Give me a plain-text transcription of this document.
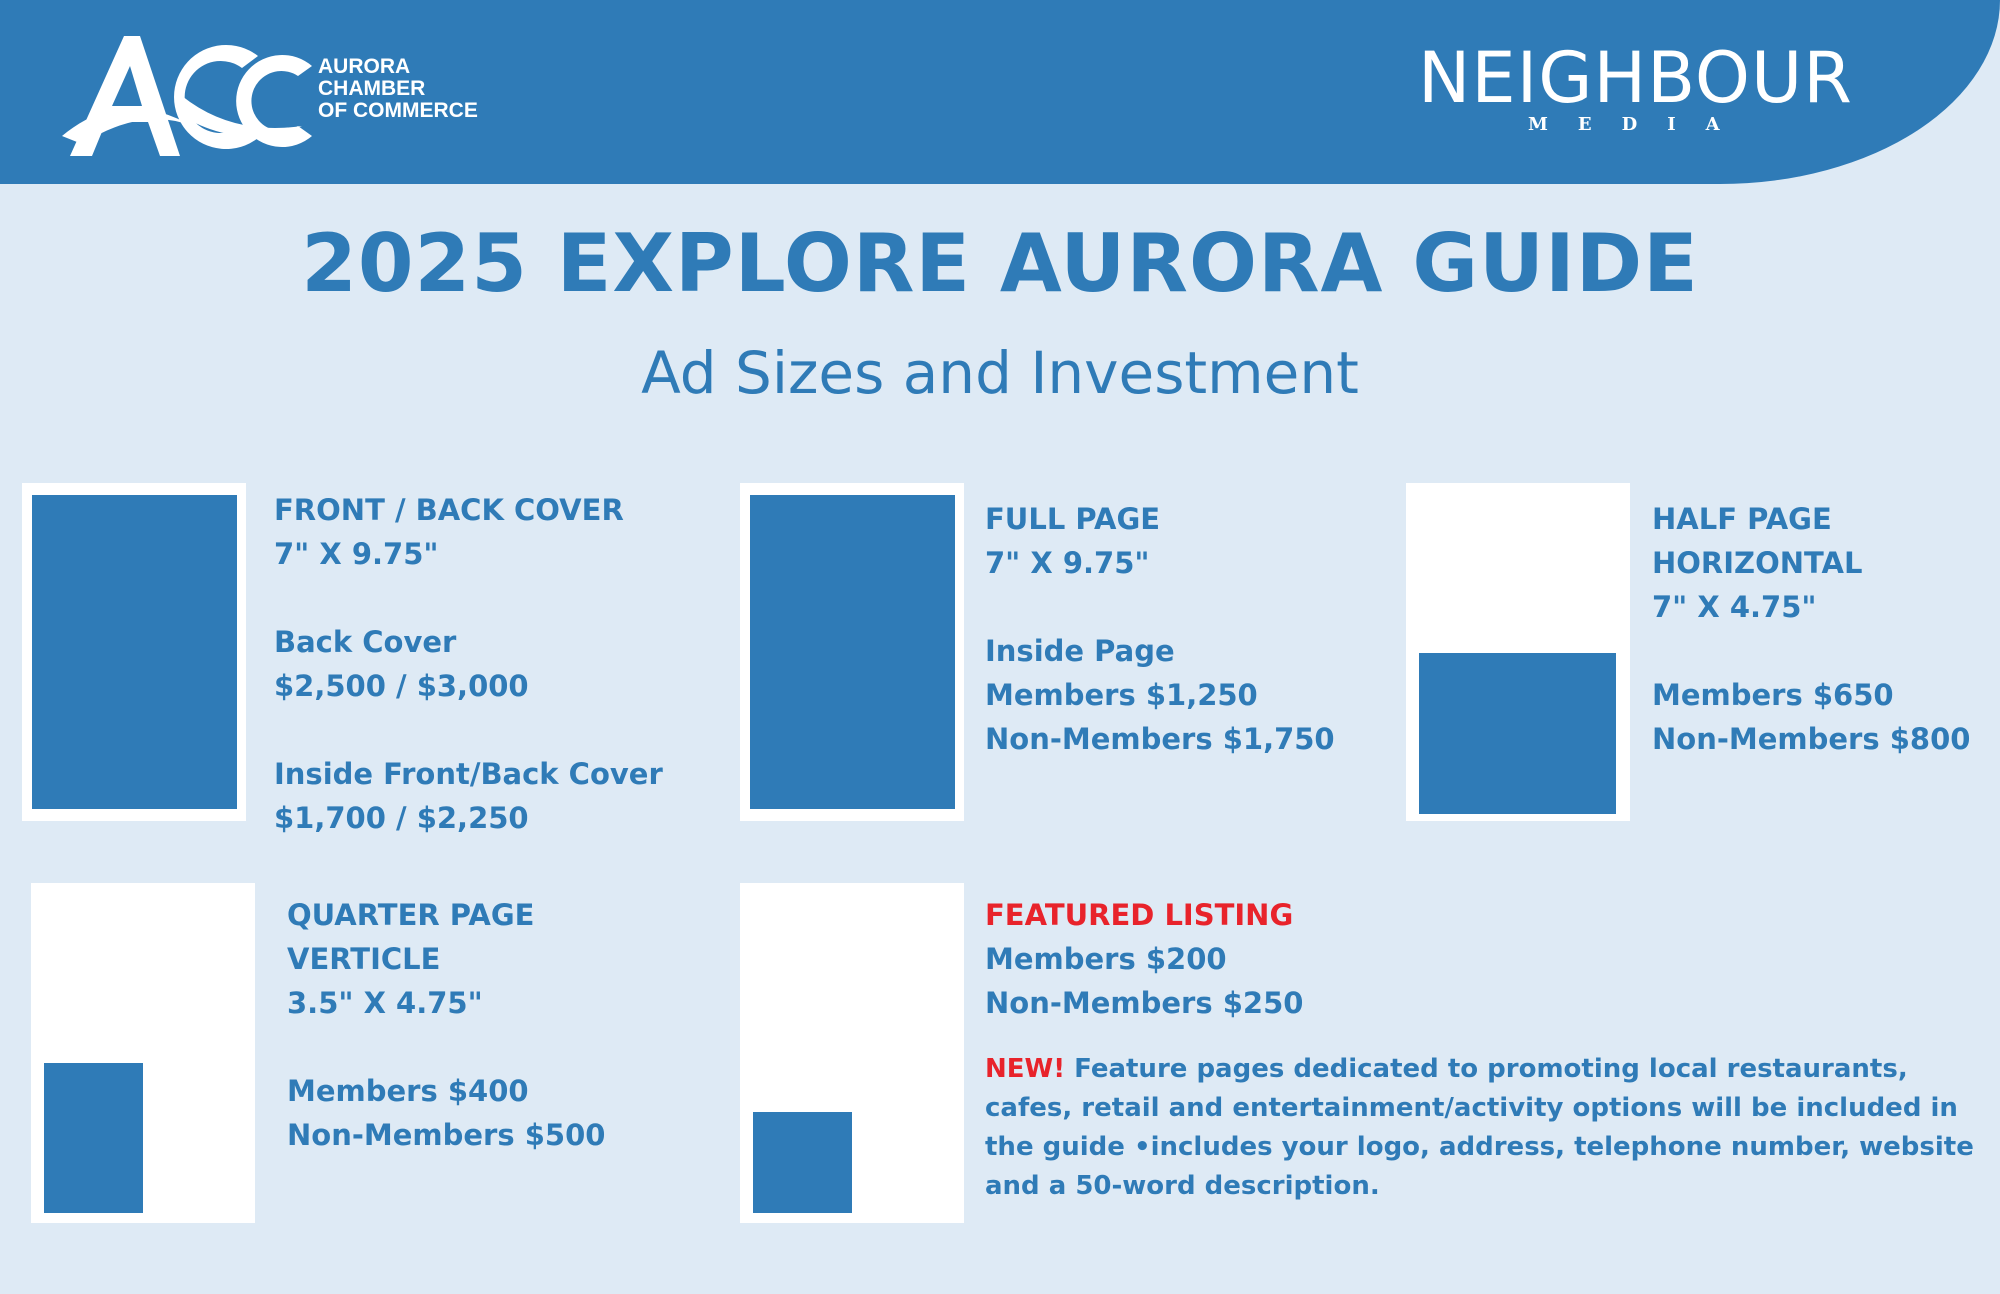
AURORA
CHAMBER
OF COMMERCE	NEIGHBOUR
MEDIA
2025 EXPLORE AURORA GUIDE
Ad Sizes and Investment
FRONT / BACK COVER
7" X 9.75"
Back Cover
$2,500 / $3,000
Inside Front/Back Cover
$1,700 / $2,250
FULL PAGE
7" X 9.75"
Inside Page
Members $1,250
Non-Members $1,750
HALF PAGE
HORIZONTAL
7" X 4.75"
Members $650
Non-Members $800
QUARTER PAGE
VERTICLE
3.5" X 4.75"
Members $400
Non-Members $500
FEATURED LISTING
Members $200
Non-Members $250
NEW! Feature pages dedicated to promoting local restaurants, cafes, retail and entertainment/activity options will be included in the guide •includes your logo, address, telephone number, website and a 50-word description.
